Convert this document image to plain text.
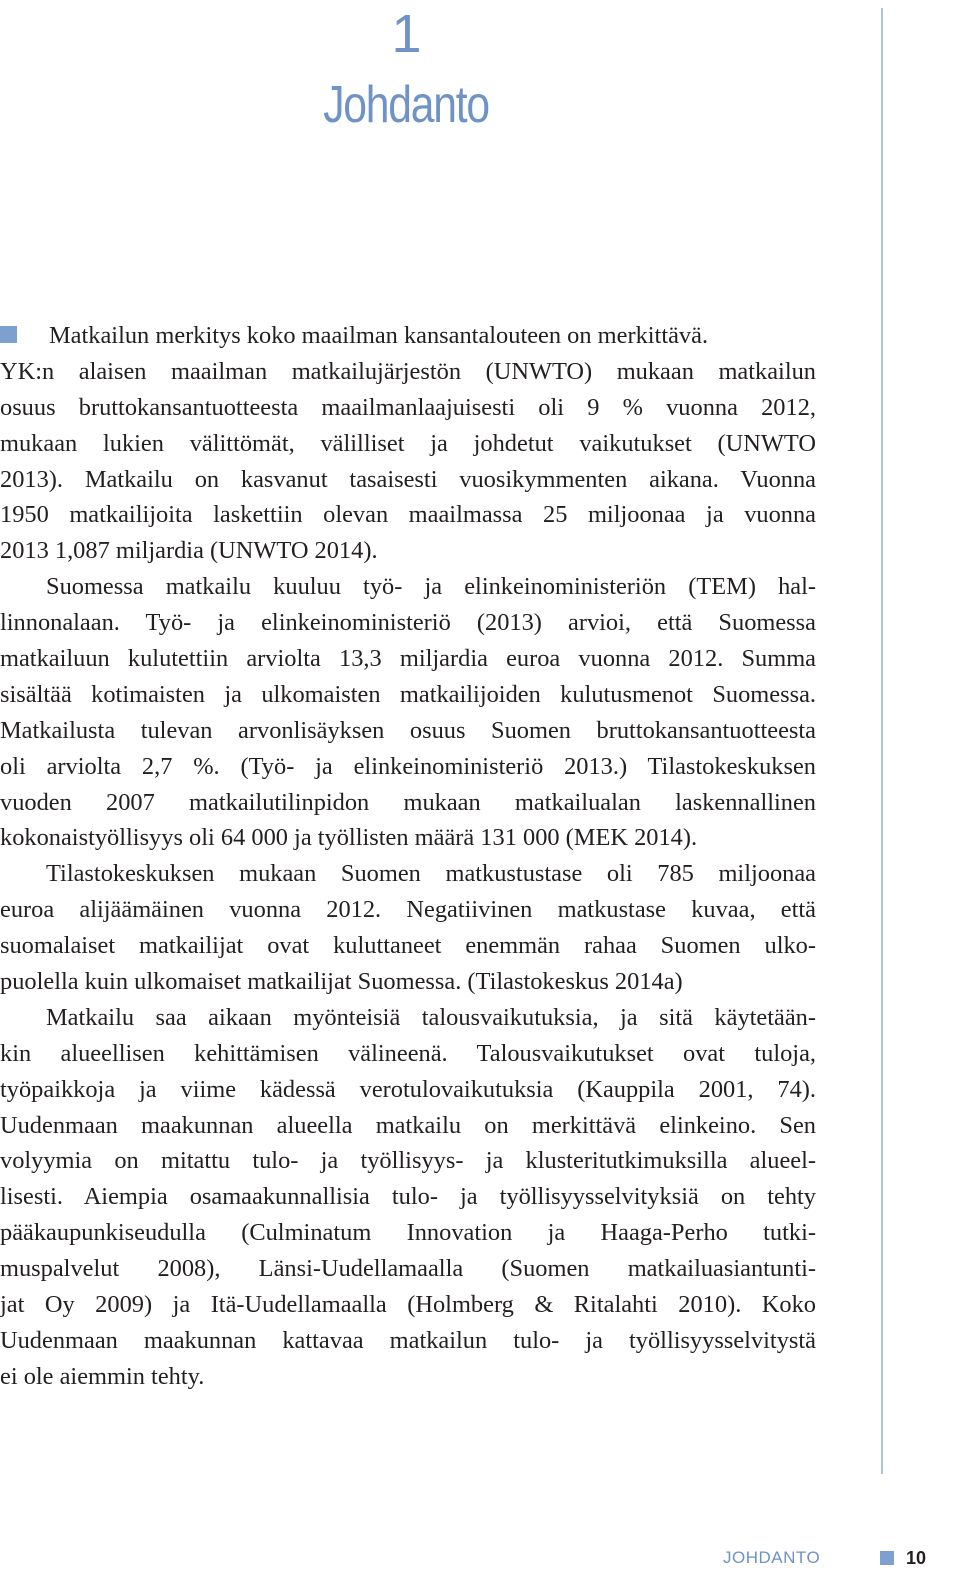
1
Johdanto
Matkailun merkitys koko maailman kansantalouteen on merkittävä.
YK:n alaisen maailman matkailujärjestön (UNWTO) mukaan matkailun
osuus bruttokansantuotteesta maailmanlaajuisesti oli 9 % vuonna 2012,
mukaan lukien välittömät, välilliset ja johdetut vaikutukset (UNWTO
2013). Matkailu on kasvanut tasaisesti vuosikymmenten aikana. Vuonna
1950 matkailijoita laskettiin olevan maailmassa 25 miljoonaa ja vuonna
2013 1,087 miljardia (UNWTO 2014).
Suomessa matkailu kuuluu työ- ja elinkeinoministeriön (TEM) hal-
linnonalaan. Työ- ja elinkeinoministeriö (2013) arvioi, että Suomessa
matkailuun kulutettiin arviolta 13,3 miljardia euroa vuonna 2012. Summa
sisältää kotimaisten ja ulkomaisten matkailijoiden kulutusmenot Suomessa.
Matkailusta tulevan arvonlisäyksen osuus Suomen bruttokansantuotteesta
oli arviolta 2,7 %. (Työ- ja elinkeinoministeriö 2013.) Tilastokeskuksen
vuoden 2007 matkailutilinpidon mukaan matkailualan laskennallinen
kokonaistyöllisyys oli 64 000 ja työllisten määrä 131 000 (MEK 2014).
Tilastokeskuksen mukaan Suomen matkustustase oli 785 miljoonaa
euroa alijäämäinen vuonna 2012. Negatiivinen matkustase kuvaa, että
suomalaiset matkailijat ovat kuluttaneet enemmän rahaa Suomen ulko-
puolella kuin ulkomaiset matkailijat Suomessa. (Tilastokeskus 2014a)
Matkailu saa aikaan myönteisiä talousvaikutuksia, ja sitä käytetään-
kin alueellisen kehittämisen välineenä. Talousvaikutukset ovat tuloja,
työpaikkoja ja viime kädessä verotulovaikutuksia (Kauppila 2001, 74).
Uudenmaan maakunnan alueella matkailu on merkittävä elinkeino. Sen
volyymia on mitattu tulo- ja työllisyys- ja klusteritutkimuksilla alueel-
lisesti. Aiempia osamaakunnallisia tulo- ja työllisyysselvityksiä on tehty
pääkaupunkiseudulla (Culminatum Innovation ja Haaga-Perho tutki-
muspalvelut 2008), Länsi-Uudellamaalla (Suomen matkailuasiantunti-
jat Oy 2009) ja Itä-Uudellamaalla (Holmberg & Ritalahti 2010). Koko
Uudenmaan maakunnan kattavaa matkailun tulo- ja työllisyysselvitystä
ei ole aiemmin tehty.
JOHDANTO	10
